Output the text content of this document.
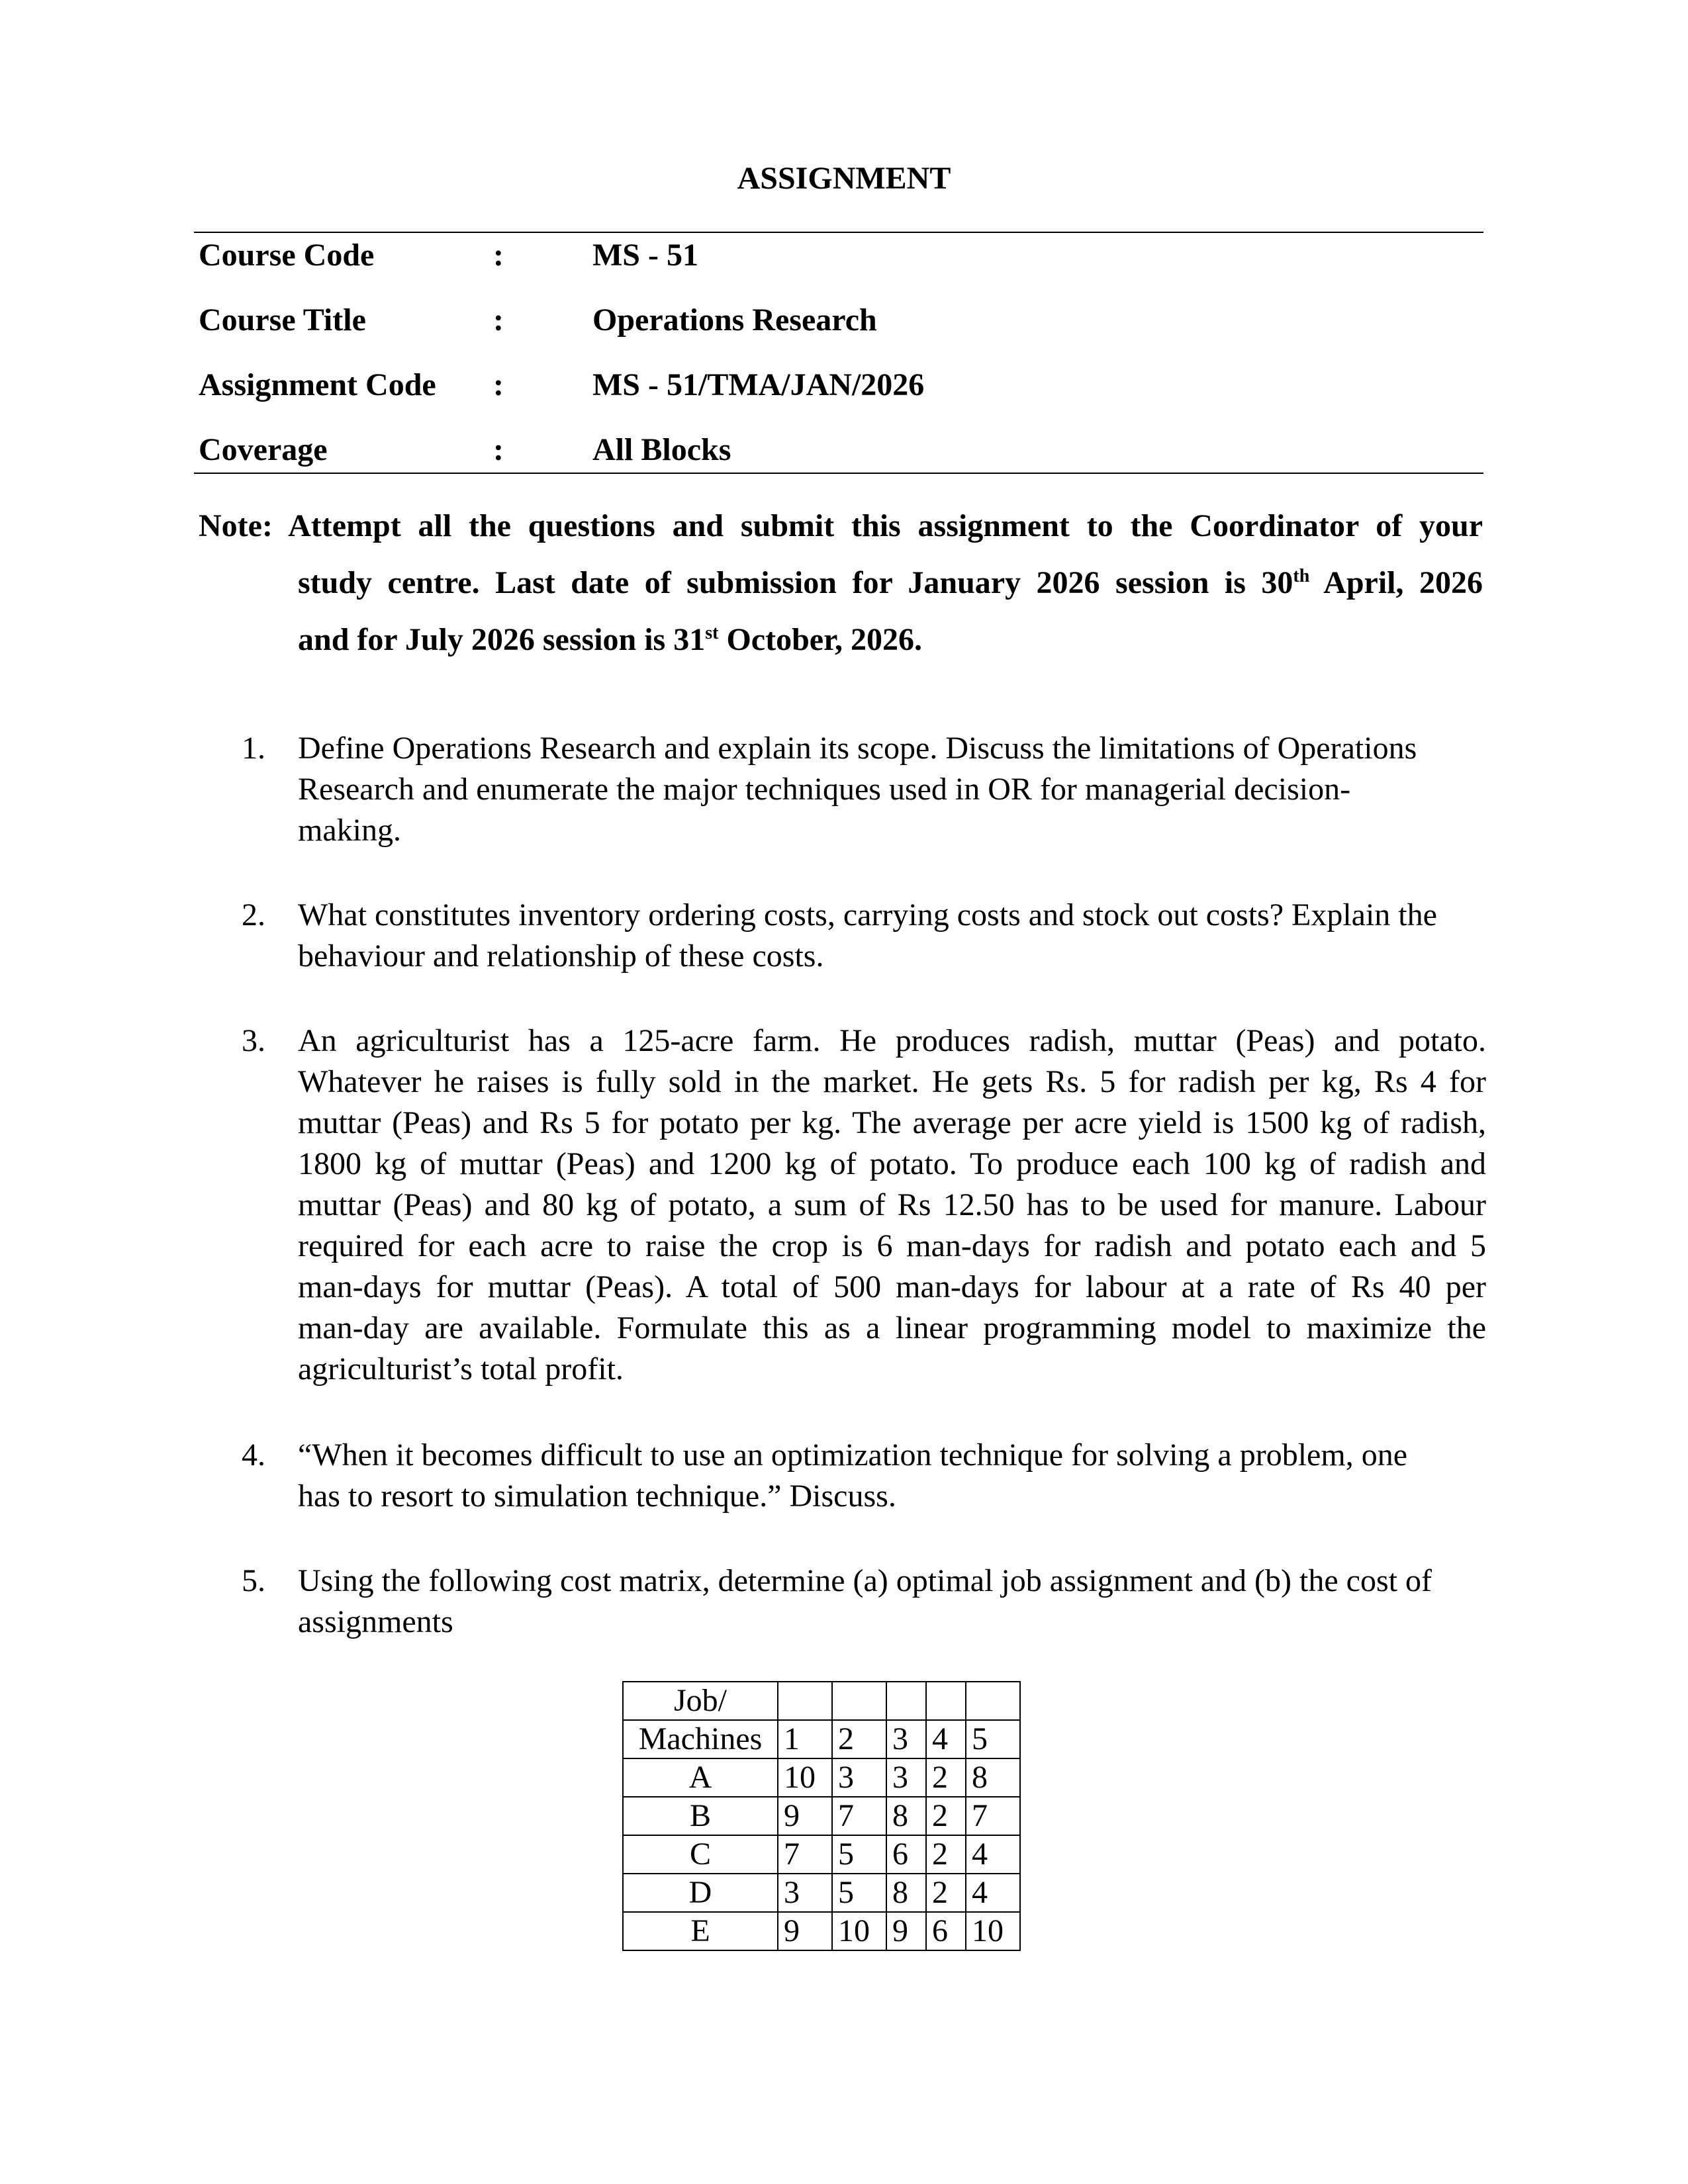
ASSIGNMENT
Course Code	:	MS - 51
Course Title	:	Operations Research
Assignment Code :	MS - 51/TMA/JAN/2026
Coverage	:	All Blocks
Note: Attempt all the questions and submit this assignment to the Coordinator of your
study centre. Last date of submission for January 2026 session is 30th April, 2026
and for July 2026 session is 31st October, 2026.
1. Define Operations Research and explain its scope. Discuss the limitations of Operations
Research and enumerate the major techniques used in OR for managerial decision-
making.
2. What constitutes inventory ordering costs, carrying costs and stock out costs? Explain the
behaviour and relationship of these costs.
3. An agriculturist has a 125-acre farm. He produces radish, muttar (Peas) and potato.
Whatever he raises is fully sold in the market. He gets Rs. 5 for radish per kg, Rs 4 for
muttar (Peas) and Rs 5 for potato per kg. The average per acre yield is 1500 kg of radish,
1800 kg of muttar (Peas) and 1200 kg of potato. To produce each 100 kg of radish and
muttar (Peas) and 80 kg of potato, a sum of Rs 12.50 has to be used for manure. Labour
required for each acre to raise the crop is 6 man-days for radish and potato each and 5
man-days for muttar (Peas). A total of 500 man-days for labour at a rate of Rs 40 per
man-day are available. Formulate this as a linear programming model to maximize the
agriculturist’s total profit.
4. “When it becomes difficult to use an optimization technique for solving a problem, one
has to resort to simulation technique.” Discuss.
5. Using the following cost matrix, determine (a) optimal job assignment and (b) the cost of
assignments
Job/					
Machines	1	2	3	4	5
A	10	3	3	2	8
B	9	7	8	2	7
C	7	5	6	2	4
D	3	5	8	2	4
E	9	10	9	6	10
